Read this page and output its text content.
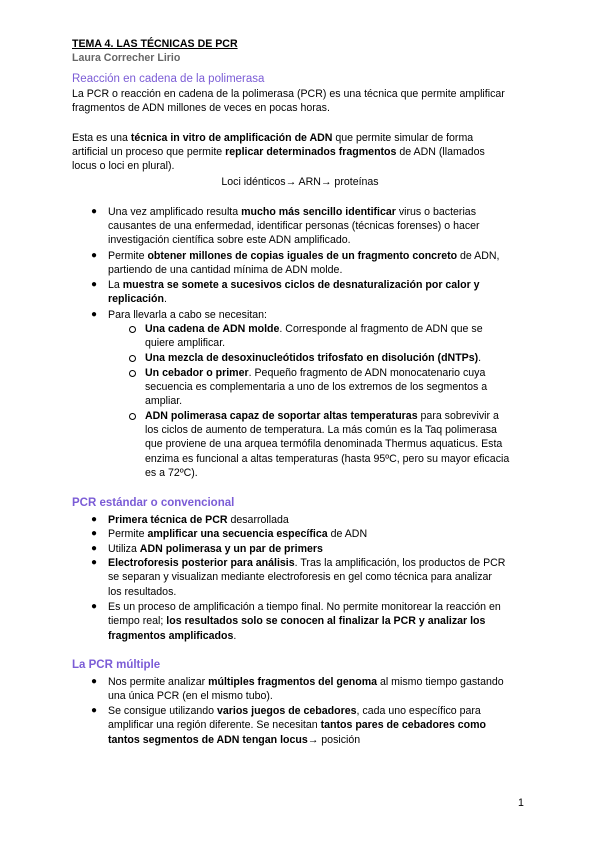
TEMA 4. LAS TÉCNICAS DE PCR
Laura Correcher Lirio
Reacción en cadena de la polimerasa
La PCR o reacción en cadena de la polimerasa (PCR) es una técnica que permite amplificar
fragmentos de ADN millones de veces en pocas horas.
Esta es una técnica in vitro de amplificación de ADN que permite simular de forma
artificial un proceso que permite replicar determinados fragmentos de ADN (llamados
locus o loci en plural).
Loci idénticos→ ARN→ proteínas
● Una vez amplificado resulta mucho más sencillo identificar virus o bacterias
causantes de una enfermedad, identificar personas (técnicas forenses) o hacer
investigación científica sobre este ADN amplificado.
● Permite obtener millones de copias iguales de un fragmento concreto de ADN,
partiendo de una cantidad mínima de ADN molde.
● La muestra se somete a sucesivos ciclos de desnaturalización por calor y
replicación.
● Para llevarla a cabo se necesitan:
Una cadena de ADN molde. Corresponde al fragmento de ADN que se
quiere amplificar.
Una mezcla de desoxinucleótidos trifosfato en disolución (dNTPs).
Un cebador o primer. Pequeño fragmento de ADN monocatenario cuya
secuencia es complementaria a uno de los extremos de los segmentos a
ampliar.
ADN polimerasa capaz de soportar altas temperaturas para sobrevivir a
los ciclos de aumento de temperatura. La más común es la Taq polimerasa
que proviene de una arquea termófila denominada Thermus aquaticus. Esta
enzima es funcional a altas temperaturas (hasta 95ºC, pero su mayor eficacia
es a 72ºC).
PCR estándar o convencional
● Primera técnica de PCR desarrollada
● Permite amplificar una secuencia específica de ADN
● Utiliza ADN polimerasa y un par de primers
● Electroforesis posterior para análisis. Tras la amplificación, los productos de PCR
se separan y visualizan mediante electroforesis en gel como técnica para analizar
los resultados.
● Es un proceso de amplificación a tiempo final. No permite monitorear la reacción en
tiempo real; los resultados solo se conocen al finalizar la PCR y analizar los
fragmentos amplificados.
La PCR múltiple
● Nos permite analizar múltiples fragmentos del genoma al mismo tiempo gastando
una única PCR (en el mismo tubo).
● Se consigue utilizando varios juegos de cebadores, cada uno específico para
amplificar una región diferente. Se necesitan tantos pares de cebadores como
tantos segmentos de ADN tengan locus→ posición
1
